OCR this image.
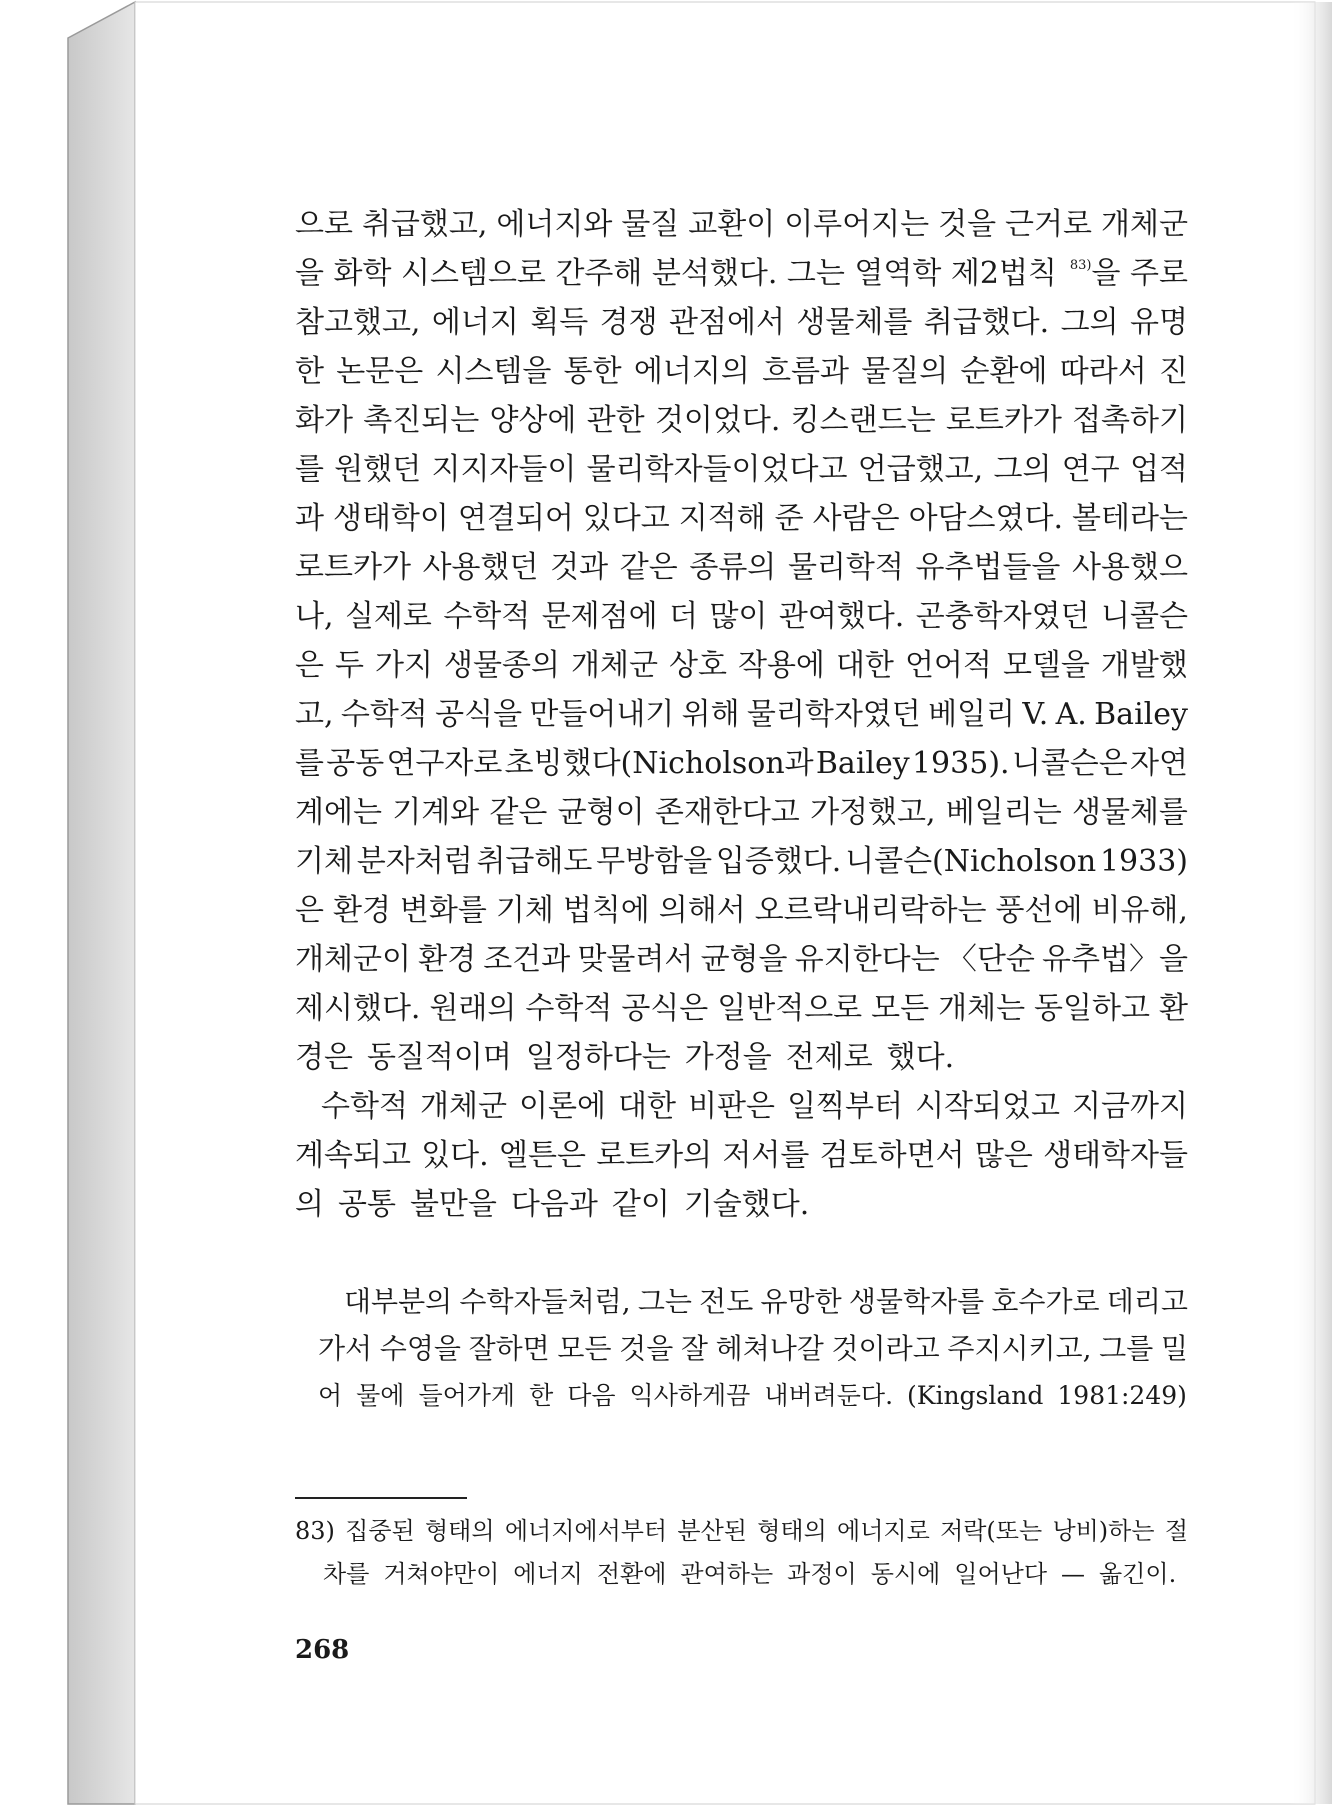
으로 취급했고, 에너지와 물질 교환이 이루어지는 것을 근거로 개체군
을 화학 시스템으로 간주해 분석했다. 그는 열역학 제2법칙 $^{83)}$을 주로
참고했고, 에너지 획득 경쟁 관점에서 생물체를 취급했다. 그의 유명
한 논문은 시스템을 통한 에너지의 흐름과 물질의 순환에 따라서 진
화가 촉진되는 양상에 관한 것이었다. 킹스랜드는 로트카가 접촉하기
를 원했던 지지자들이 물리학자들이었다고 언급했고, 그의 연구 업적
과 생태학이 연결되어 있다고 지적해 준 사람은 아담스였다. 볼테라는
로트카가 사용했던 것과 같은 종류의 물리학적 유추법들을 사용했으
나, 실제로 수학적 문제점에 더 많이 관여했다. 곤충학자였던 니콜슨
은 두 가지 생물종의 개체군 상호 작용에 대한 언어적 모델을 개발했
고, 수학적 공식을 만들어내기 위해 물리학자였던 베일리 V. A. Bailey
를 공동 연구자로 초빙했다(Nicholson과 Bailey 1935). 니콜슨은 자연
계에는 기계와 같은 균형이 존재한다고 가정했고, 베일리는 생물체를
기체 분자처럼 취급해도 무방함을 입증했다. 니콜슨(Nicholson 1933)
은 환경 변화를 기체 법칙에 의해서 오르락내리락하는 풍선에 비유해,
개체군이 환경 조건과 맞물려서 균형을 유지한다는 〈단순 유추법〉을
제시했다. 원래의 수학적 공식은 일반적으로 모든 개체는 동일하고 환
경은 동질적이며 일정하다는 가정을 전제로 했다.
수학적 개체군 이론에 대한 비판은 일찍부터 시작되었고 지금까지
계속되고 있다. 엘튼은 로트카의 저서를 검토하면서 많은 생태학자들
의 공통 불만을 다음과 같이 기술했다.
대부분의 수학자들처럼, 그는 전도 유망한 생물학자를 호수가로 데리고
가서 수영을 잘하면 모든 것을 잘 헤쳐나갈 것이라고 주지시키고, 그를 밀
어 물에 들어가게 한 다음 익사하게끔 내버려둔다. (Kingsland 1981:249)
83) 집중된 형태의 에너지에서부터 분산된 형태의 에너지로 저락(또는 낭비)하는 절
차를 거쳐야만이 에너지 전환에 관여하는 과정이 동시에 일어난다 — 옮긴이.
268
